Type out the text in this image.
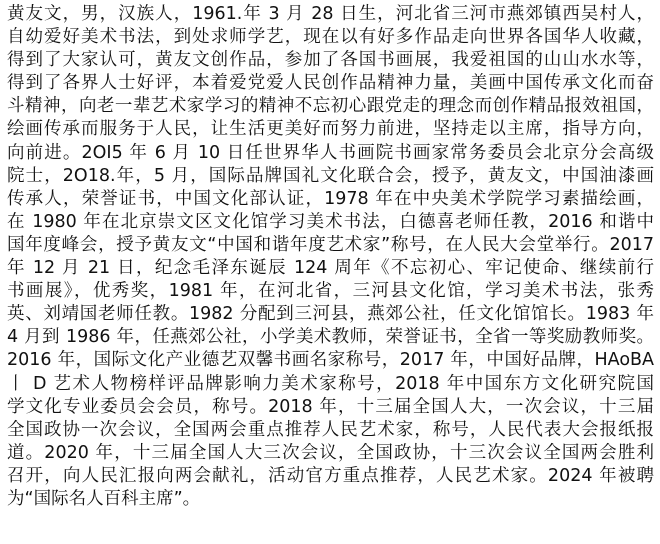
黄友文，男，汉族人，1961.年 3 月 28 日生，河北省三河市燕郊镇西吴村人，
自幼爱好美术书法，到处求师学艺，现在以有好多作品走向世界各国华人收藏，
得到了大家认可，黄友文创作品，参加了各国书画展，我爱祖国的山山水水等，
得到了各界人士好评，本着爱党爱人民创作品精神力量，美画中国传承文化而奋
斗精神，向老一辈艺术家学习的精神不忘初心跟党走的理念而创作精品报效祖国，
绘画传承而服务于人民，让生活更美好而努力前进，坚持走以主席，指导方向，
向前进。2OI5 年 6 月 10 日任世界华人书画院书画家常务委员会北京分会高级
院士，2O18.年，5 月，国际品牌国礼文化联合会，授予，黄友文，中国油漆画
传承人，荣誉证书，中国文化部认证，1978 年在中央美术学院学习素描绘画，
在 1980 年在北京崇文区文化馆学习美术书法，白德喜老师任教，2016 和谐中
国年度峰会，授予黄友文“中国和谐年度艺术家”称号，在人民大会堂举行。2017
年 12 月 21 日，纪念毛泽东诞辰 124 周年《不忘初心、牢记使命、继续前行
书画展》，优秀奖，1981 年，在河北省，三河县文化馆，学习美术书法，张秀
英、刘靖国老师任教。1982 分配到三河县，燕郊公社，任文化馆馆长。1983 年
4 月到 1986 年，任燕郊公社，小学美术教师，荣誉证书，全省一等奖励教师奖。
2016 年，国际文化产业德艺双馨书画名家称号，2017 年，中国好品牌，HAoBA
丨 D 艺术人物榜样评品牌影响力美术家称号，2018 年中国东方文化研究院国
学文化专业委员会会员，称号。2018 年，十三届全国人大，一次会议，十三届
全国政协一次会议，全国两会重点推荐人民艺术家，称号，人民代表大会报纸报
道。2020 年，十三届全国人大三次会议，全国政协，十三次会议全国两会胜利
召开，向人民汇报向两会献礼，活动官方重点推荐，人民艺术家。2024 年被聘
为“国际名人百科主席”。
